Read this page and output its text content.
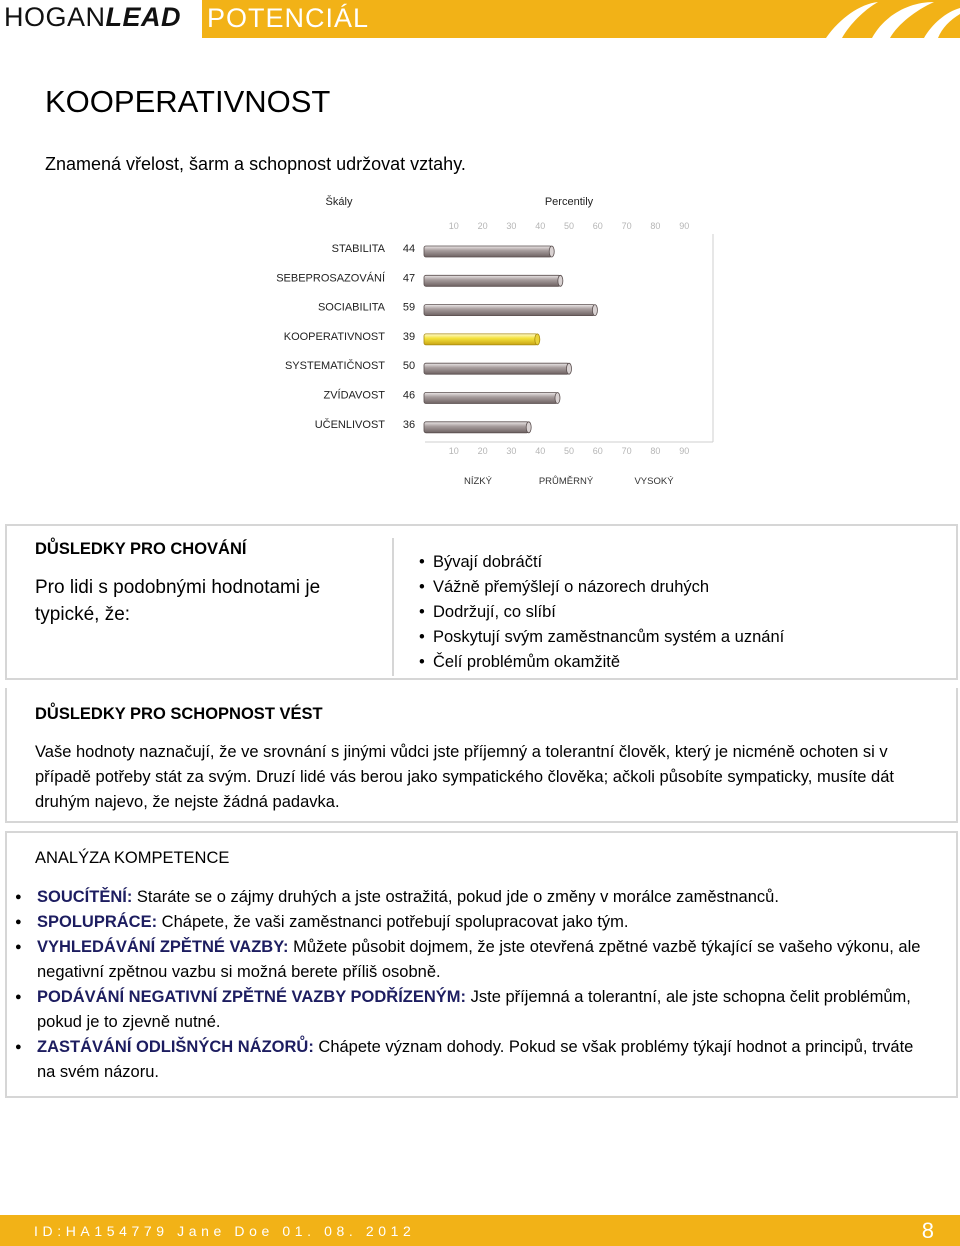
HOGANLEAD POTENCIÁL
KOOPERATIVNOST
Znamená vřelost, šarm a schopnost udržovat vztahy.
Škály	Percentily
10
10
20
20
30
30
40
40
50
50
60
60
70
70
80
80
90
90
STABILITA 44
SEBEPROSAZOVÁNÍ 47
SOCIABILITA 59
KOOPERATIVNOST 39
SYSTEMATIČNOST 50
ZVÍDAVOST 46
UČENLIVOST 36
NÍZKÝ	PRŮMĚRNÝ	VYSOKÝ
DŮSLEDKY PRO CHOVÁNÍ
Pro lidi s podobnými hodnotami je typické, že:
• Bývají dobráčtí
• Vážně přemýšlejí o názorech druhých
• Dodržují, co slíbí
• Poskytují svým zaměstnancům systém a uznání
• Čelí problémům okamžitě
DŮSLEDKY PRO SCHOPNOST VÉST
Vaše hodnoty naznačují, že ve srovnání s jinými vůdci jste příjemný a tolerantní člověk, který je nicméně ochoten si v případě potřeby stát za svým. Druzí lidé vás berou jako sympatického člověka; ačkoli působíte sympaticky, musíte dát druhým najevo, že nejste žádná padavka.
ANALÝZA KOMPETENCE
● SOUCÍTĚNÍ: Staráte se o zájmy druhých a jste ostražitá, pokud jde o změny v morálce zaměstnanců.
● SPOLUPRÁCE: Chápete, že vaši zaměstnanci potřebují spolupracovat jako tým.
● VYHLEDÁVÁNÍ ZPĚTNÉ VAZBY: Můžete působit dojmem, že jste otevřená zpětné vazbě týkající se vašeho výkonu, ale negativní zpětnou vazbu si možná berete příliš osobně.
● PODÁVÁNÍ NEGATIVNÍ ZPĚTNÉ VAZBY PODŘÍZENÝM: Jste příjemná a tolerantní, ale jste schopna čelit problémům, pokud je to zjevně nutné.
● ZASTÁVÁNÍ ODLIŠNÝCH NÁZORŮ: Chápete význam dohody. Pokud se však problémy týkají hodnot a principů, trváte na svém názoru.
ID:HA154779 Jane Doe 01. 08. 2012	8
